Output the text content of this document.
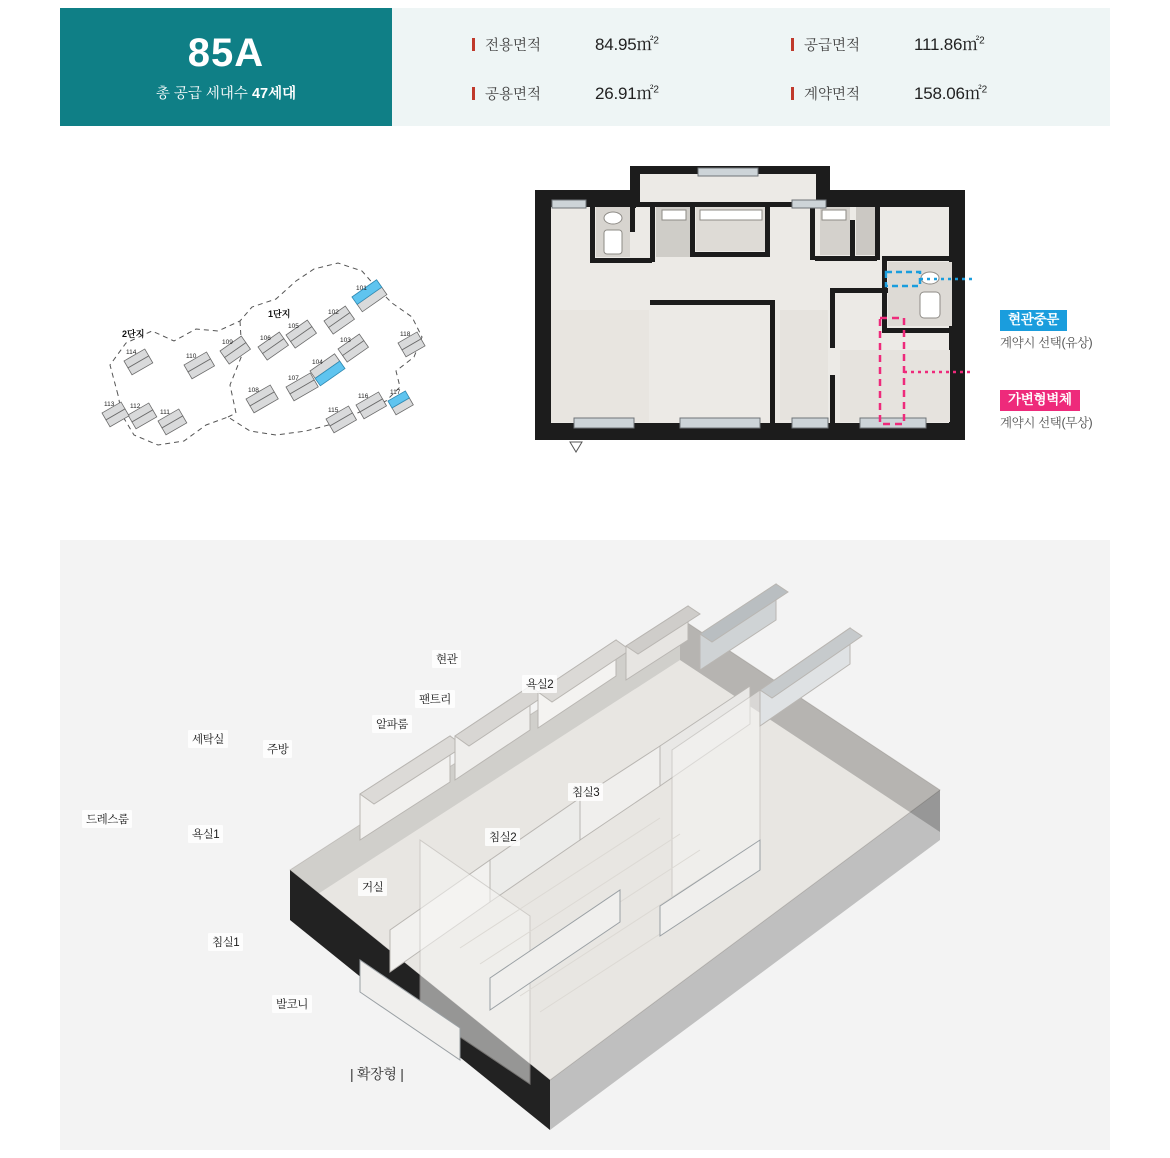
85A
총 공급 세대수 47세대
전용면적	84.95㎡$^2$	공급면적	111.86㎡$^2$
공용면적	26.91㎡$^2$	계약면적	158.06㎡$^2$
1단지
2단지
101
102
103
104
105
106
107
108
109
110
111
112
113
114
115
116
117
118
현관중문
계약시 선택(유상)
가변형벽체
계약시 선택(무상)
현관
욕실2
팬트리
알파룸
세탁실
주방
침실3
드레스룸
욕실1	침실2
거실
침실1
발코니
| 확장형 |
